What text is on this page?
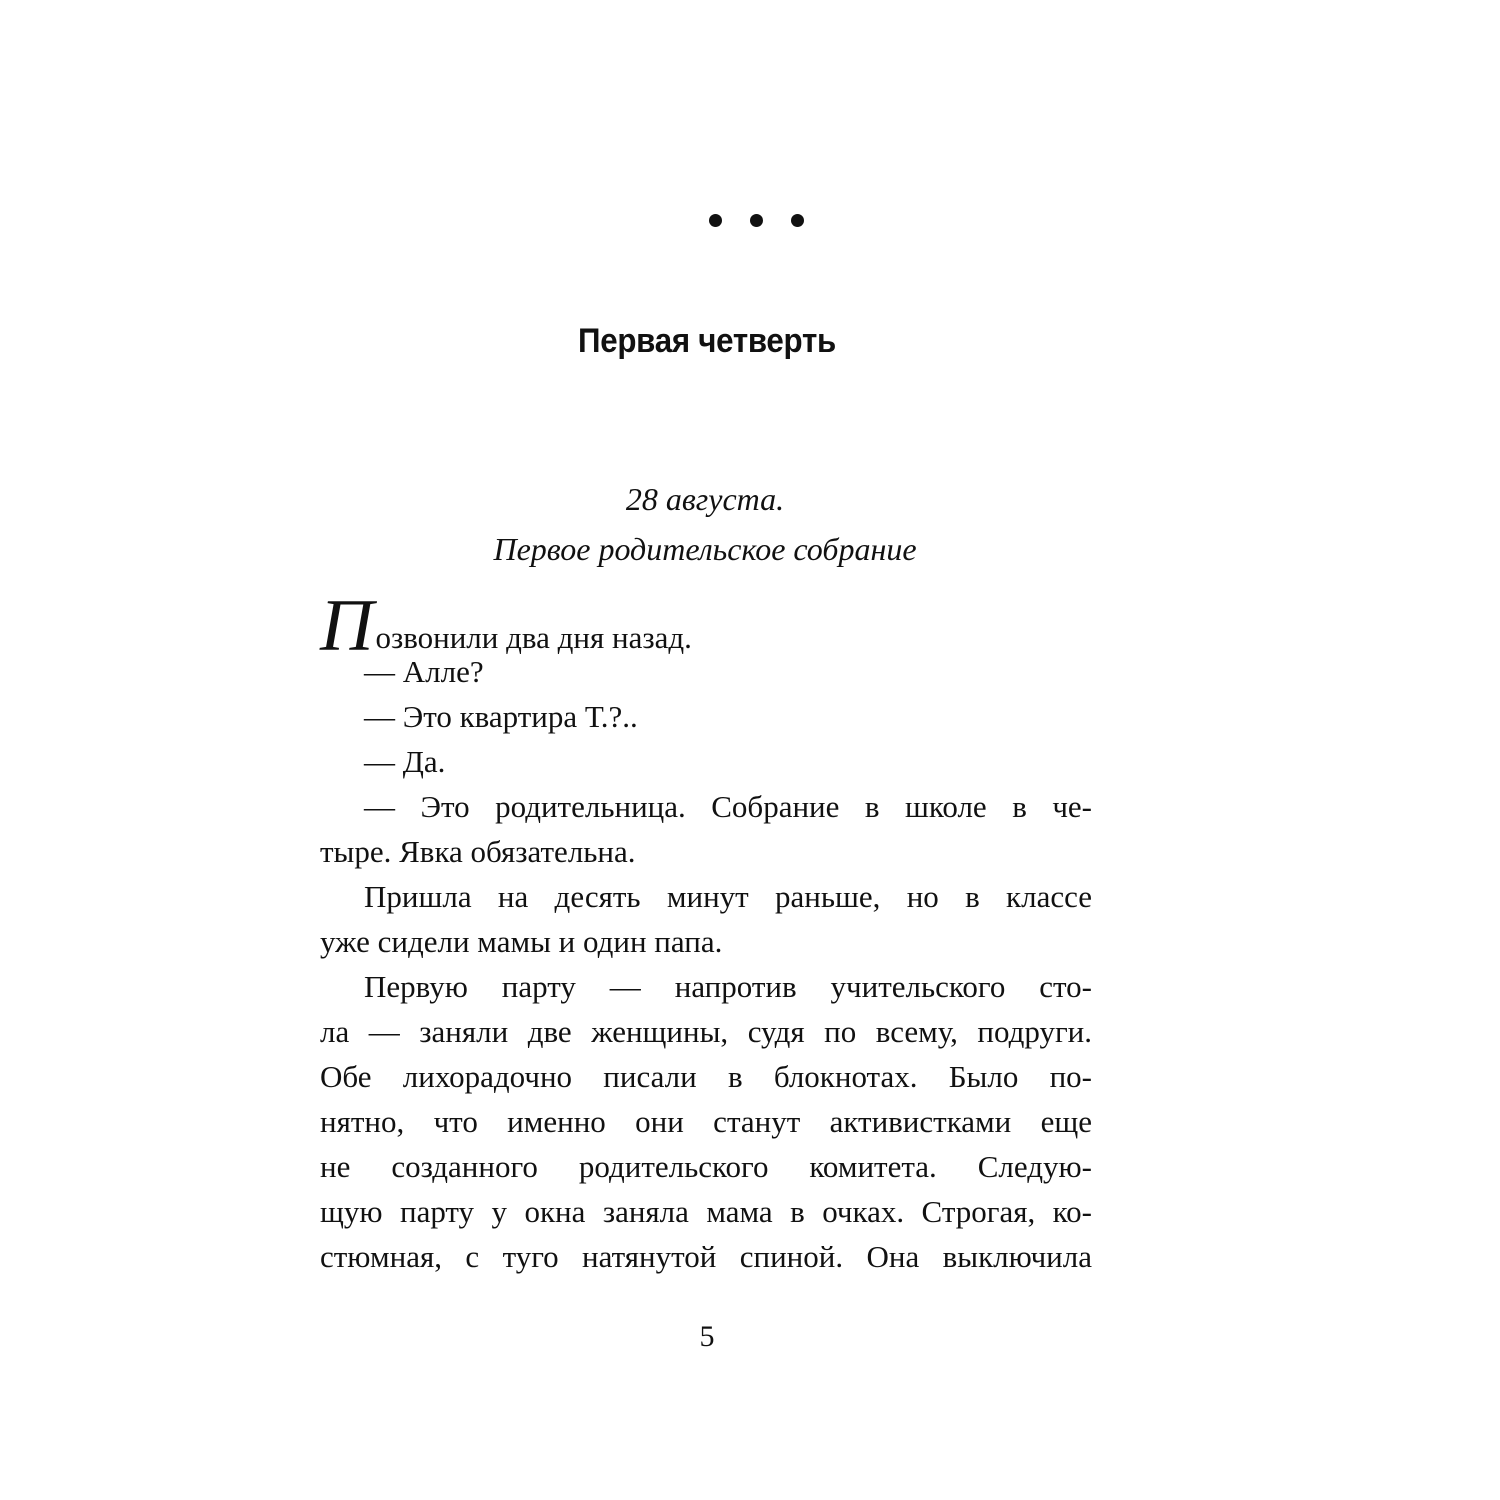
Первая четверть
28 августа.
Первое родительское собрание
Позвонили два дня назад.
— Алле?
— Это квартира Т.?..
— Да.
— Это родительница. Собрание в школе в че-
тыре. Явка обязательна.
Пришла на десять минут раньше, но в классе
уже сидели мамы и один папа.
Первую парту — напротив учительского сто-
ла — заняли две женщины, судя по всему, подруги.
Обе лихорадочно писали в блокнотах. Было по-
нятно, что именно они станут активистками еще
не созданного родительского комитета. Следую-
щую парту у окна заняла мама в очках. Строгая, ко-
стюмная, с туго натянутой спиной. Она выключила
5
